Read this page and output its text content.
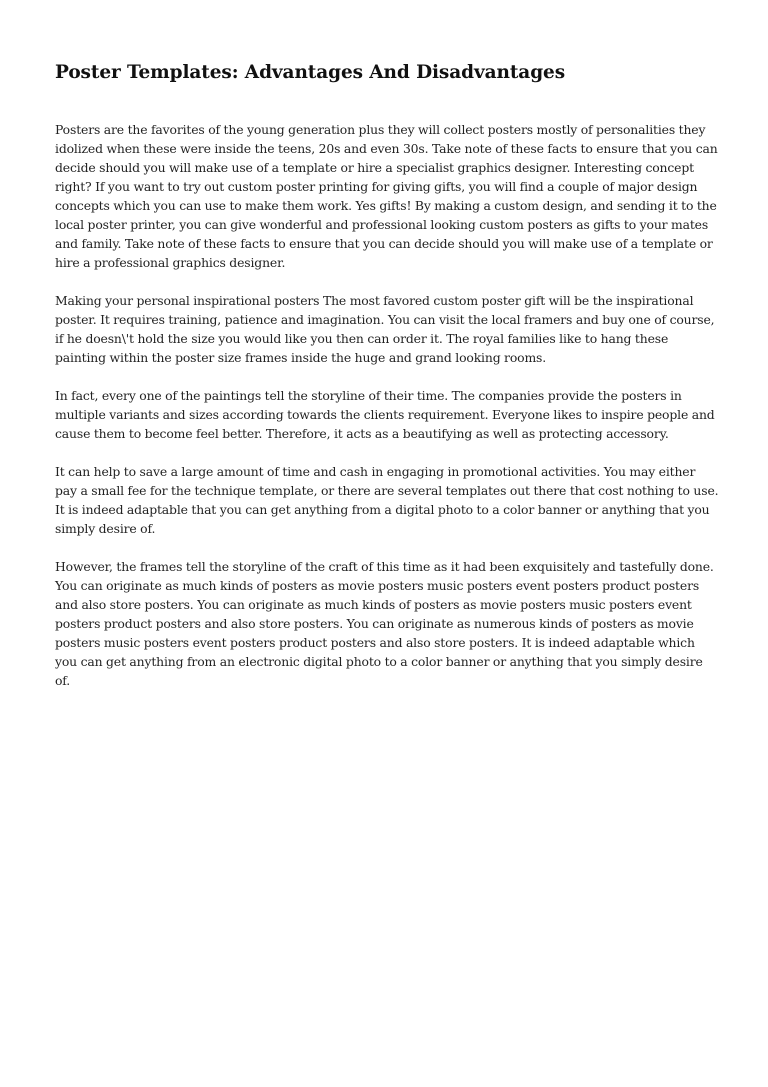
Poster Templates: Advantages And Disadvantages

Posters are the favorites of the young generation plus they will collect posters mostly of personalities they idolized when these were inside the teens, 20s and even 30s. Take note of these facts to ensure that you can decide should you will make use of a template or hire a specialist graphics designer. Interesting concept right? If you want to try out custom poster printing for giving gifts, you will find a couple of major design concepts which you can use to make them work. Yes gifts! By making a custom design, and sending it to the local poster printer, you can give wonderful and professional looking custom posters as gifts to your mates and family. Take note of these facts to ensure that you can decide should you will make use of a template or hire a professional graphics designer.

Making your personal inspirational posters The most favored custom poster gift will be the inspirational poster. It requires training, patience and imagination. You can visit the local framers and buy one of course, if he doesn\'t hold the size you would like you then can order it. The royal families like to hang these painting within the poster size frames inside the huge and grand looking rooms.

In fact, every one of the paintings tell the storyline of their time. The companies provide the posters in multiple variants and sizes according towards the clients requirement. Everyone likes to inspire people and cause them to become feel better. Therefore, it acts as a beautifying as well as protecting accessory.

It can help to save a large amount of time and cash in engaging in promotional activities. You may either pay a small fee for the technique template, or there are several templates out there that cost nothing to use. It is indeed adaptable that you can get anything from a digital photo to a color banner or anything that you simply desire of.

However, the frames tell the storyline of the craft of this time as it had been exquisitely and tastefully done. You can originate as much kinds of posters as movie posters music posters event posters product posters and also store posters. You can originate as much kinds of posters as movie posters music posters event posters product posters and also store posters. You can originate as numerous kinds of posters as movie posters music posters event posters product posters and also store posters. It is indeed adaptable which you can get anything from an electronic digital photo to a color banner or anything that you simply desire of.
